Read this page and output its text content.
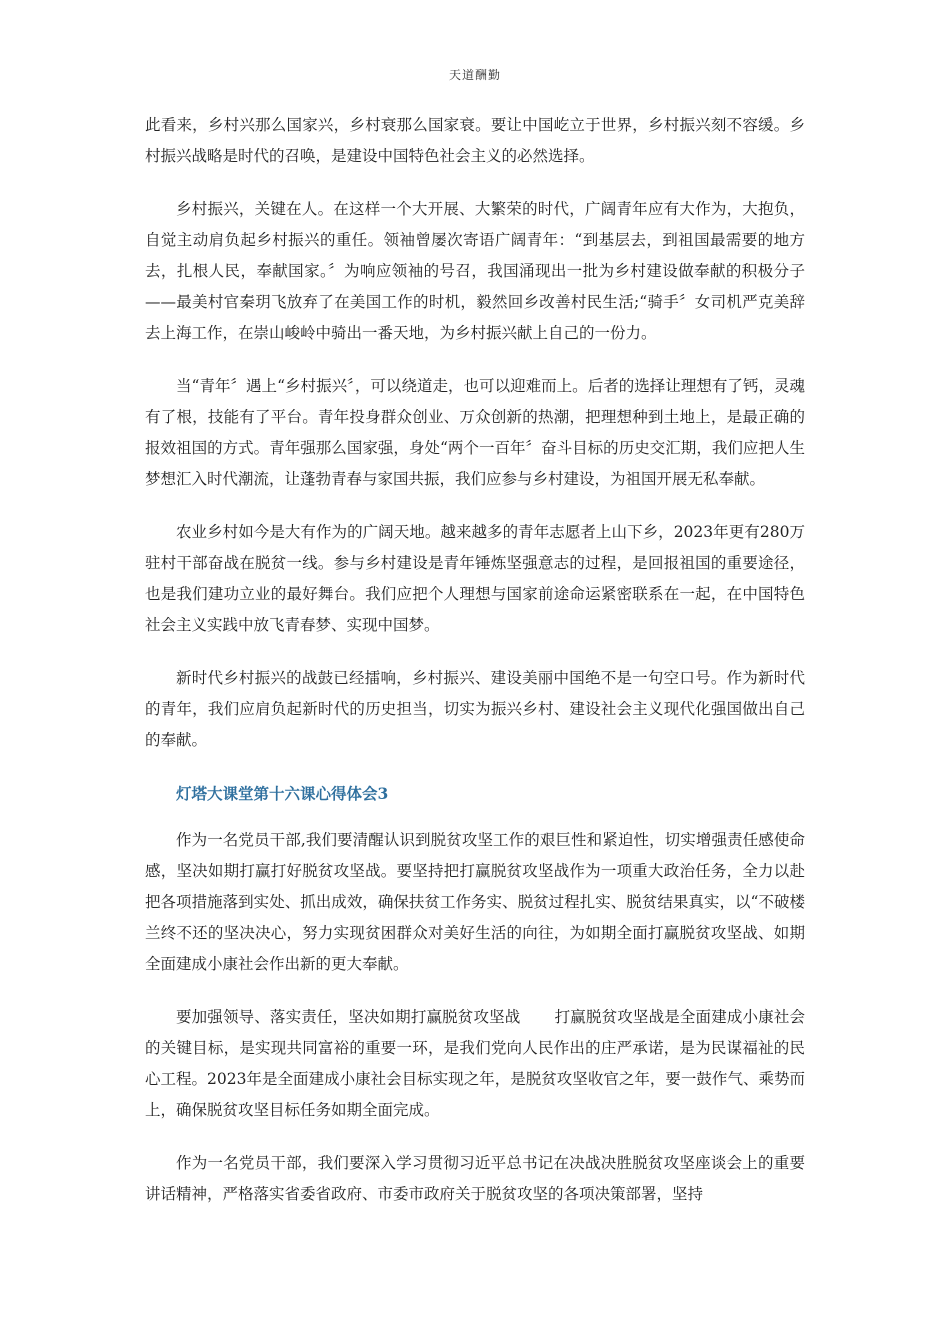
天道酬勤

此看来，乡村兴那么国家兴，乡村衰那么国家衰。要让中国屹立于世界，乡村振兴刻不容缓。乡村振兴战略是时代的召唤，是建设中国特色社会主义的必然选择。

乡村振兴，关键在人。在这样一个大开展、大繁荣的时代，广阔青年应有大作为，大抱负，自觉主动肩负起乡村振兴的重任。领袖曾屡次寄语广阔青年：“到基层去，到祖国最需要的地方去，扎根人民，奉献国家。〞为响应领袖的号召，我国涌现出一批为乡村建设做奉献的积极分子——最美村官秦玥飞放弃了在美国工作的时机，毅然回乡改善村民生活;“骑手〞女司机严克美辞去上海工作，在崇山峻岭中骑出一番天地，为乡村振兴献上自己的一份力。

当“青年〞遇上“乡村振兴〞，可以绕道走，也可以迎难而上。后者的选择让理想有了钙，灵魂有了根，技能有了平台。青年投身群众创业、万众创新的热潮，把理想种到土地上，是最正确的报效祖国的方式。青年强那么国家强，身处“两个一百年〞奋斗目标的历史交汇期，我们应把人生梦想汇入时代潮流，让蓬勃青春与家国共振，我们应参与乡村建设，为祖国开展无私奉献。

农业乡村如今是大有作为的广阔天地。越来越多的青年志愿者上山下乡，2023年更有280万驻村干部奋战在脱贫一线。参与乡村建设是青年锤炼坚强意志的过程，是回报祖国的重要途径，也是我们建功立业的最好舞台。我们应把个人理想与国家前途命运紧密联系在一起，在中国特色社会主义实践中放飞青春梦、实现中国梦。

新时代乡村振兴的战鼓已经擂响，乡村振兴、建设美丽中国绝不是一句空口号。作为新时代的青年，我们应肩负起新时代的历史担当，切实为振兴乡村、建设社会主义现代化强国做出自己的奉献。

灯塔大课堂第十六课心得体会3

作为一名党员干部,我们要清醒认识到脱贫攻坚工作的艰巨性和紧迫性，切实增强责任感使命感，坚决如期打赢打好脱贫攻坚战。要坚持把打赢脱贫攻坚战作为一项重大政治任务，全力以赴把各项措施落到实处、抓出成效，确保扶贫工作务实、脱贫过程扎实、脱贫结果真实，以“不破楼兰终不还的坚决决心，努力实现贫困群众对美好生活的向往，为如期全面打赢脱贫攻坚战、如期全面建成小康社会作出新的更大奉献。

要加强领导、落实责任，坚决如期打赢脱贫攻坚战 打赢脱贫攻坚战是全面建成小康社会的关键目标，是实现共同富裕的重要一环，是我们党向人民作出的庄严承诺，是为民谋福祉的民心工程。2023年是全面建成小康社会目标实现之年，是脱贫攻坚收官之年，要一鼓作气、乘势而上，确保脱贫攻坚目标任务如期全面完成。

作为一名党员干部，我们要深入学习贯彻习近平总书记在决战决胜脱贫攻坚座谈会上的重要讲话精神，严格落实省委省政府、市委市政府关于脱贫攻坚的各项决策部署，坚持
